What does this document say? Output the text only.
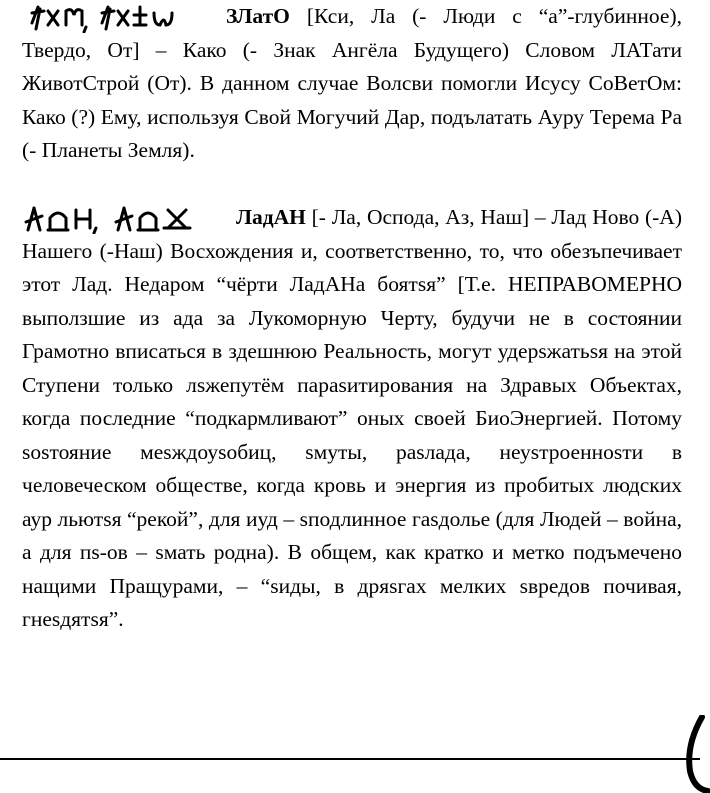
ЗЛатО [Кси, Ла (- Люди с “а”-глубинное), Твердо, От] – Како (- Знак Ангёла Будущего) Словом ЛАТати ЖивотСтрой (От). В данном случае Волсви помогли Исусу СоВетОм: Како (?) Ему, используя Свой Могучий Дар, подълатать Ауру Терема Ра (- Планеты Земля).

ЛадАН [- Ла, Оспода, Аз, Наш] – Лад Ново (-А) Нашего (-Наш) Восхождения и, соответственно, то, что обезъпечивает этот Лад. Недаром “чёрти ЛадАНа боятsя” [Т.е. НЕПРАВОМЕРНО выползшие из ада за Лукоморную Черту, будучи не в состоянии Грамотно вписаться в здешнюю Реальность, могут удерsжатьsя на этой Ступени только лsжепутём параsитирования на Здравых Объектах, когда последние “подкармливают” оных своей БиоЭнергией. Потому sosтояние меsждоуsобиц, sмуты, раsлада, неуsтроенноsти в человеческом обществе, когда кровь и энергия из пробитых людских аур льютsя “рекой”, для иуд – sподлинное гаsдолье (для Людей – война, а для пs-ов – sмать родна). В общем, как кратко и метко подъмечено нащими Пращурами, – “sиды, в дряsгах мелких sвредов почивая, гнеsдятsя”.
